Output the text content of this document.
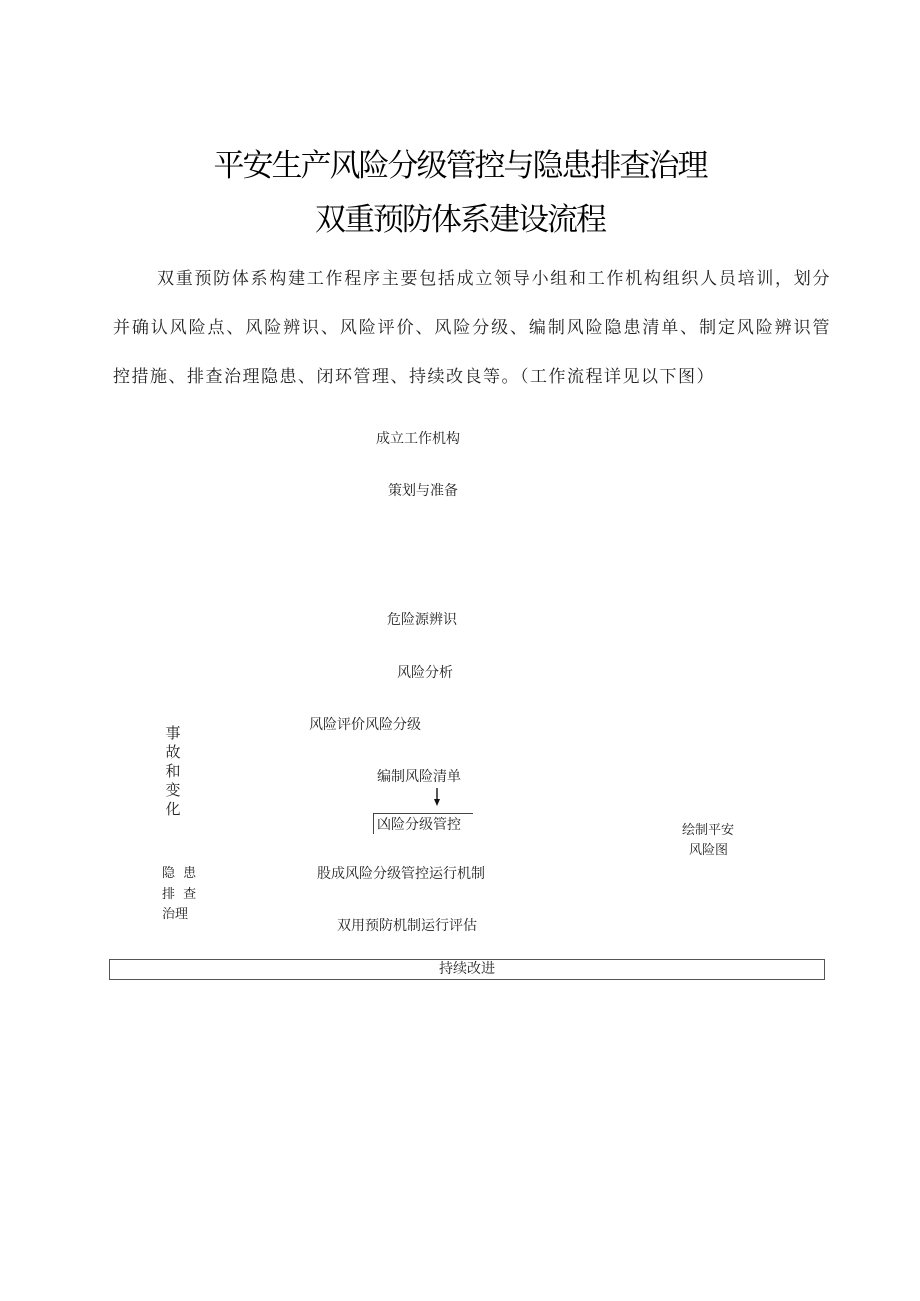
平安生产风险分级管控与隐患排查治理
双重预防体系建设流程

双重预防体系构建工作程序主要包括成立领导小组和工作机构组织人员培训，划分并确认风险点、风险辨识、风险评价、风险分级、编制风险隐患清单、制定风险辨识管控措施、排查治理隐患、闭环管理、持续改良等。（工作流程详见以下图）

成立工作机构
策划与准备
危险源辨识
风险分析
风险评价风险分级
编制风险清单
凶险分级管控
股成风险分级管控运行机制
双用预防机制运行评估
事
故
和
变
化
隐 患
排 查
治理
绘制平安
风险图
持续改进
